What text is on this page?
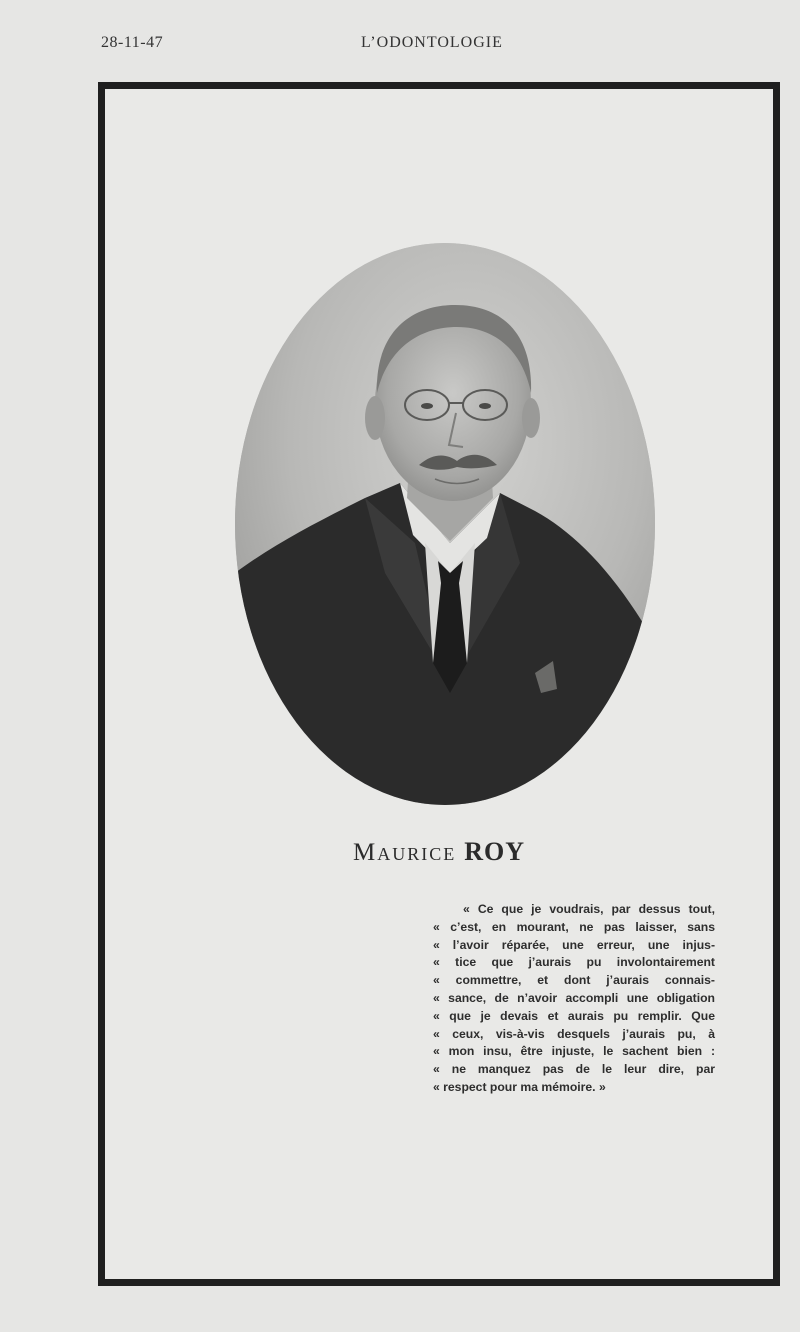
28-11-47	L’ODONTOLOGIE
Maurice ROY
« Ce que je voudrais, par dessus tout,
« c’est, en mourant, ne pas laisser, sans
« l’avoir réparée, une erreur, une injus-
« tice que j’aurais pu involontairement
« commettre, et dont j’aurais connais-
« sance, de n’avoir accompli une obligation
« que je devais et aurais pu remplir. Que
« ceux, vis-à-vis desquels j’aurais pu, à
« mon insu, être injuste, le sachent bien :
« ne manquez pas de le leur dire, par
« respect pour ma mémoire. »
